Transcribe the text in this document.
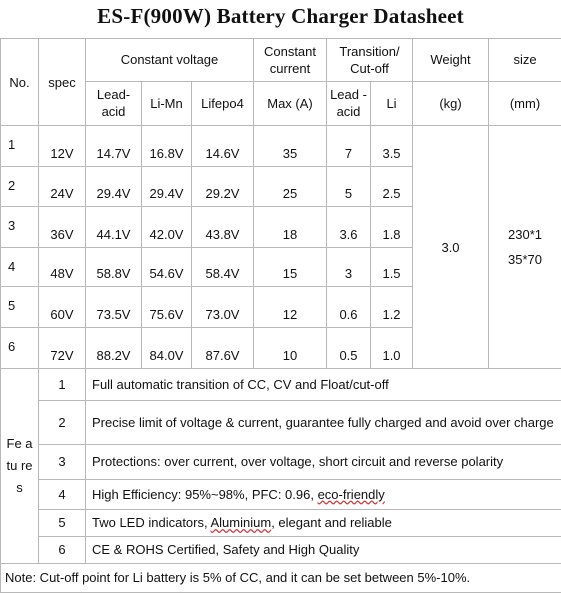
ES-F(900W) Battery Charger Datasheet
No.	spec	Constant voltage			Constant current	Transition/ Cut-off		Weight	size
		Lead-acid	Li-Mn	Lifepo4	Max (A)	Lead -acid	Li	(kg)	(mm)
1	12V	14.7V	16.8V	14.6V	35	7	3.5	3.0	230*1
35*70

2	24V	29.4V	29.4V	29.2V	25	5	2.5		
3	36V	44.1V	42.0V	43.8V	18	3.6	1.8		
4	48V	58.8V	54.6V	58.4V	15	3	1.5		
5	60V	73.5V	75.6V	73.0V	12	0.6	1.2		
6	72V	88.2V	84.0V	87.6V	10	0.5	1.0		
Fe atu res	1	Full automatic transition of CC, CV and Float/cut-off							
	2	Precise limit of voltage & current, guarantee fully charged and avoid over charge							
	3	Protections: over current, over voltage, short circuit and reverse polarity							
	4	High Efficiency: 95%~98%, PFC: 0.96, eco-friendly							
	5	Two LED indicators, Aluminium, elegant and reliable							
	6	CE & ROHS Certified, Safety and High Quality							
Note: Cut-off point for Li battery is 5% of CC, and it can be set between 5%-10%.									
